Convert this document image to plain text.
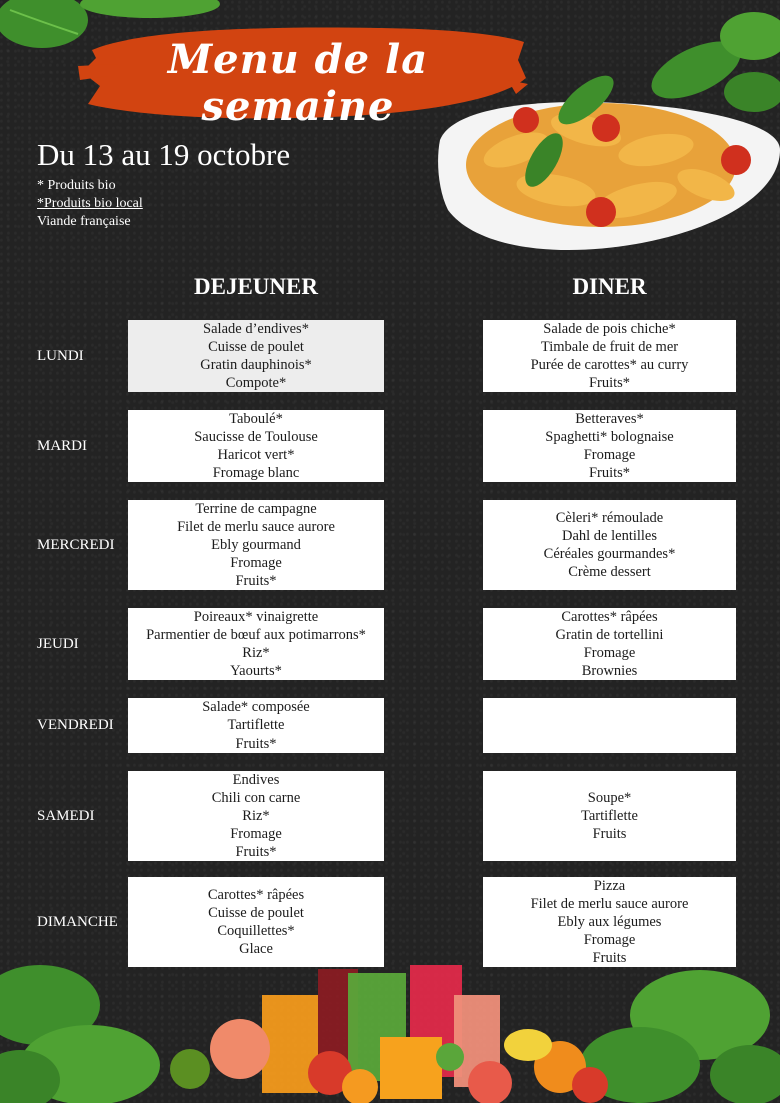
Menu de la semaine
Du 13 au 19 octobre
* Produits bio
*Produits bio local
Viande française
DEJEUNER	DINER
LUNDI
Salade d’endives*
Cuisse de poulet
Gratin dauphinois*
Compote*
Salade de pois chiche*
Timbale de fruit de mer
Purée de carottes* au curry
Fruits*
MARDI
Taboulé*
Saucisse de Toulouse
Haricot vert*
Fromage blanc
Betteraves*
Spaghetti* bolognaise
Fromage
Fruits*
MERCREDI
Terrine de campagne
Filet de merlu sauce aurore
Ebly gourmand
Fromage
Fruits*
Cèleri* rémoulade
Dahl de lentilles
Céréales gourmandes*
Crème dessert
JEUDI
Poireaux* vinaigrette
Parmentier de bœuf aux potimarrons*
Riz*
Yaourts*
Carottes* râpées
Gratin de tortellini
Fromage
Brownies
VENDREDI
Salade* composée
Tartiflette
Fruits*
SAMEDI
Endives
Chili con carne
Riz*
Fromage
Fruits*
Soupe*
Tartiflette
Fruits
DIMANCHE
Carottes* râpées
Cuisse de poulet
Coquillettes*
Glace
Pizza
Filet de merlu sauce aurore
Ebly aux légumes
Fromage
Fruits
